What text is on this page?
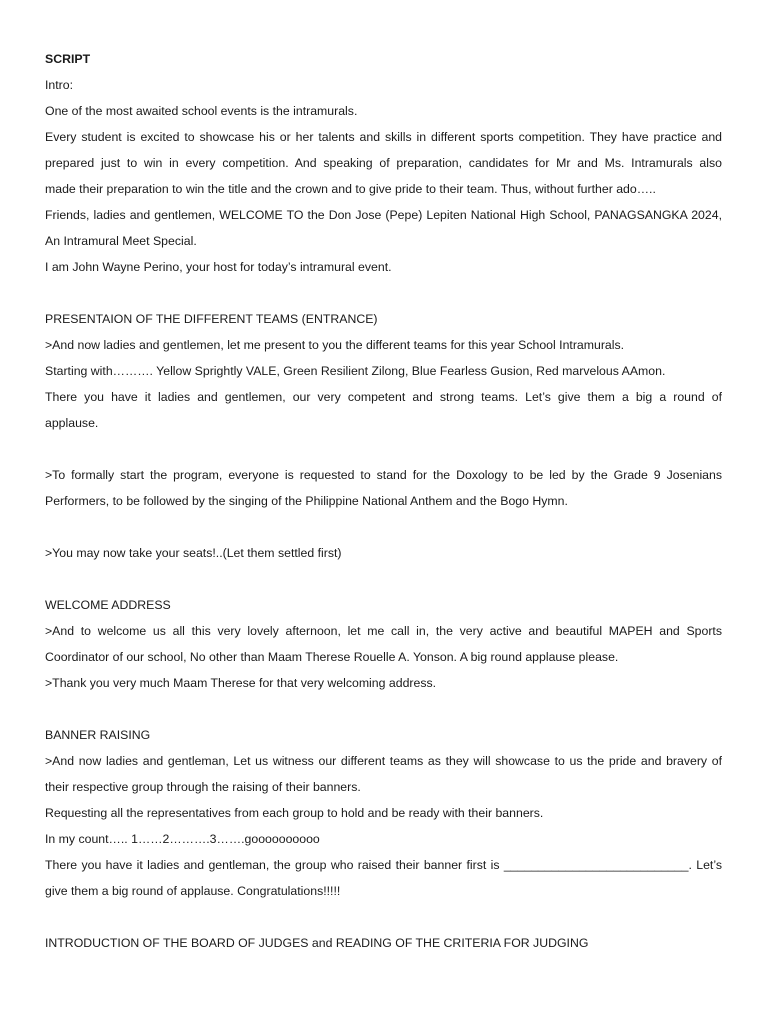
SCRIPT
Intro:
One of the most awaited school events is the intramurals.
Every student is excited to showcase his or her talents and skills in different sports competition. They have practice and
prepared just to win in every competition. And speaking of preparation, candidates for Mr and Ms. Intramurals also
made their preparation to win the title and the crown and to give pride to their team. Thus, without further ado…..
Friends, ladies and gentlemen, WELCOME TO the Don Jose (Pepe) Lepiten National High School, PANAGSANGKA 2024,
An Intramural Meet Special.
I am John Wayne Perino, your host for today’s intramural event.
PRESENTAION OF THE DIFFERENT TEAMS (ENTRANCE)
>And now ladies and gentlemen, let me present to you the different teams for this year School Intramurals.
Starting with………. Yellow Sprightly VALE, Green Resilient Zilong, Blue Fearless Gusion, Red marvelous AAmon.
There you have it ladies and gentlemen, our very competent and strong teams. Let’s give them a big a round of
applause.
>To formally start the program, everyone is requested to stand for the Doxology to be led by the Grade 9 Josenians
Performers, to be followed by the singing of the Philippine National Anthem and the Bogo Hymn.
>You may now take your seats!..(Let them settled first)
WELCOME ADDRESS
>And to welcome us all this very lovely afternoon, let me call in, the very active and beautiful MAPEH and Sports
Coordinator of our school, No other than Maam Therese Rouelle A. Yonson. A big round applause please.
>Thank you very much Maam Therese for that very welcoming address.
BANNER RAISING
>And now ladies and gentleman, Let us witness our different teams as they will showcase to us the pride and bravery of
their respective group through the raising of their banners.
Requesting all the representatives from each group to hold and be ready with their banners.
In my count….. 1……2……….3…….goooooooooo
There you have it ladies and gentleman, the group who raised their banner first is ___________________________. Let’s
give them a big round of applause. Congratulations!!!!!
INTRODUCTION OF THE BOARD OF JUDGES and READING OF THE CRITERIA FOR JUDGING
